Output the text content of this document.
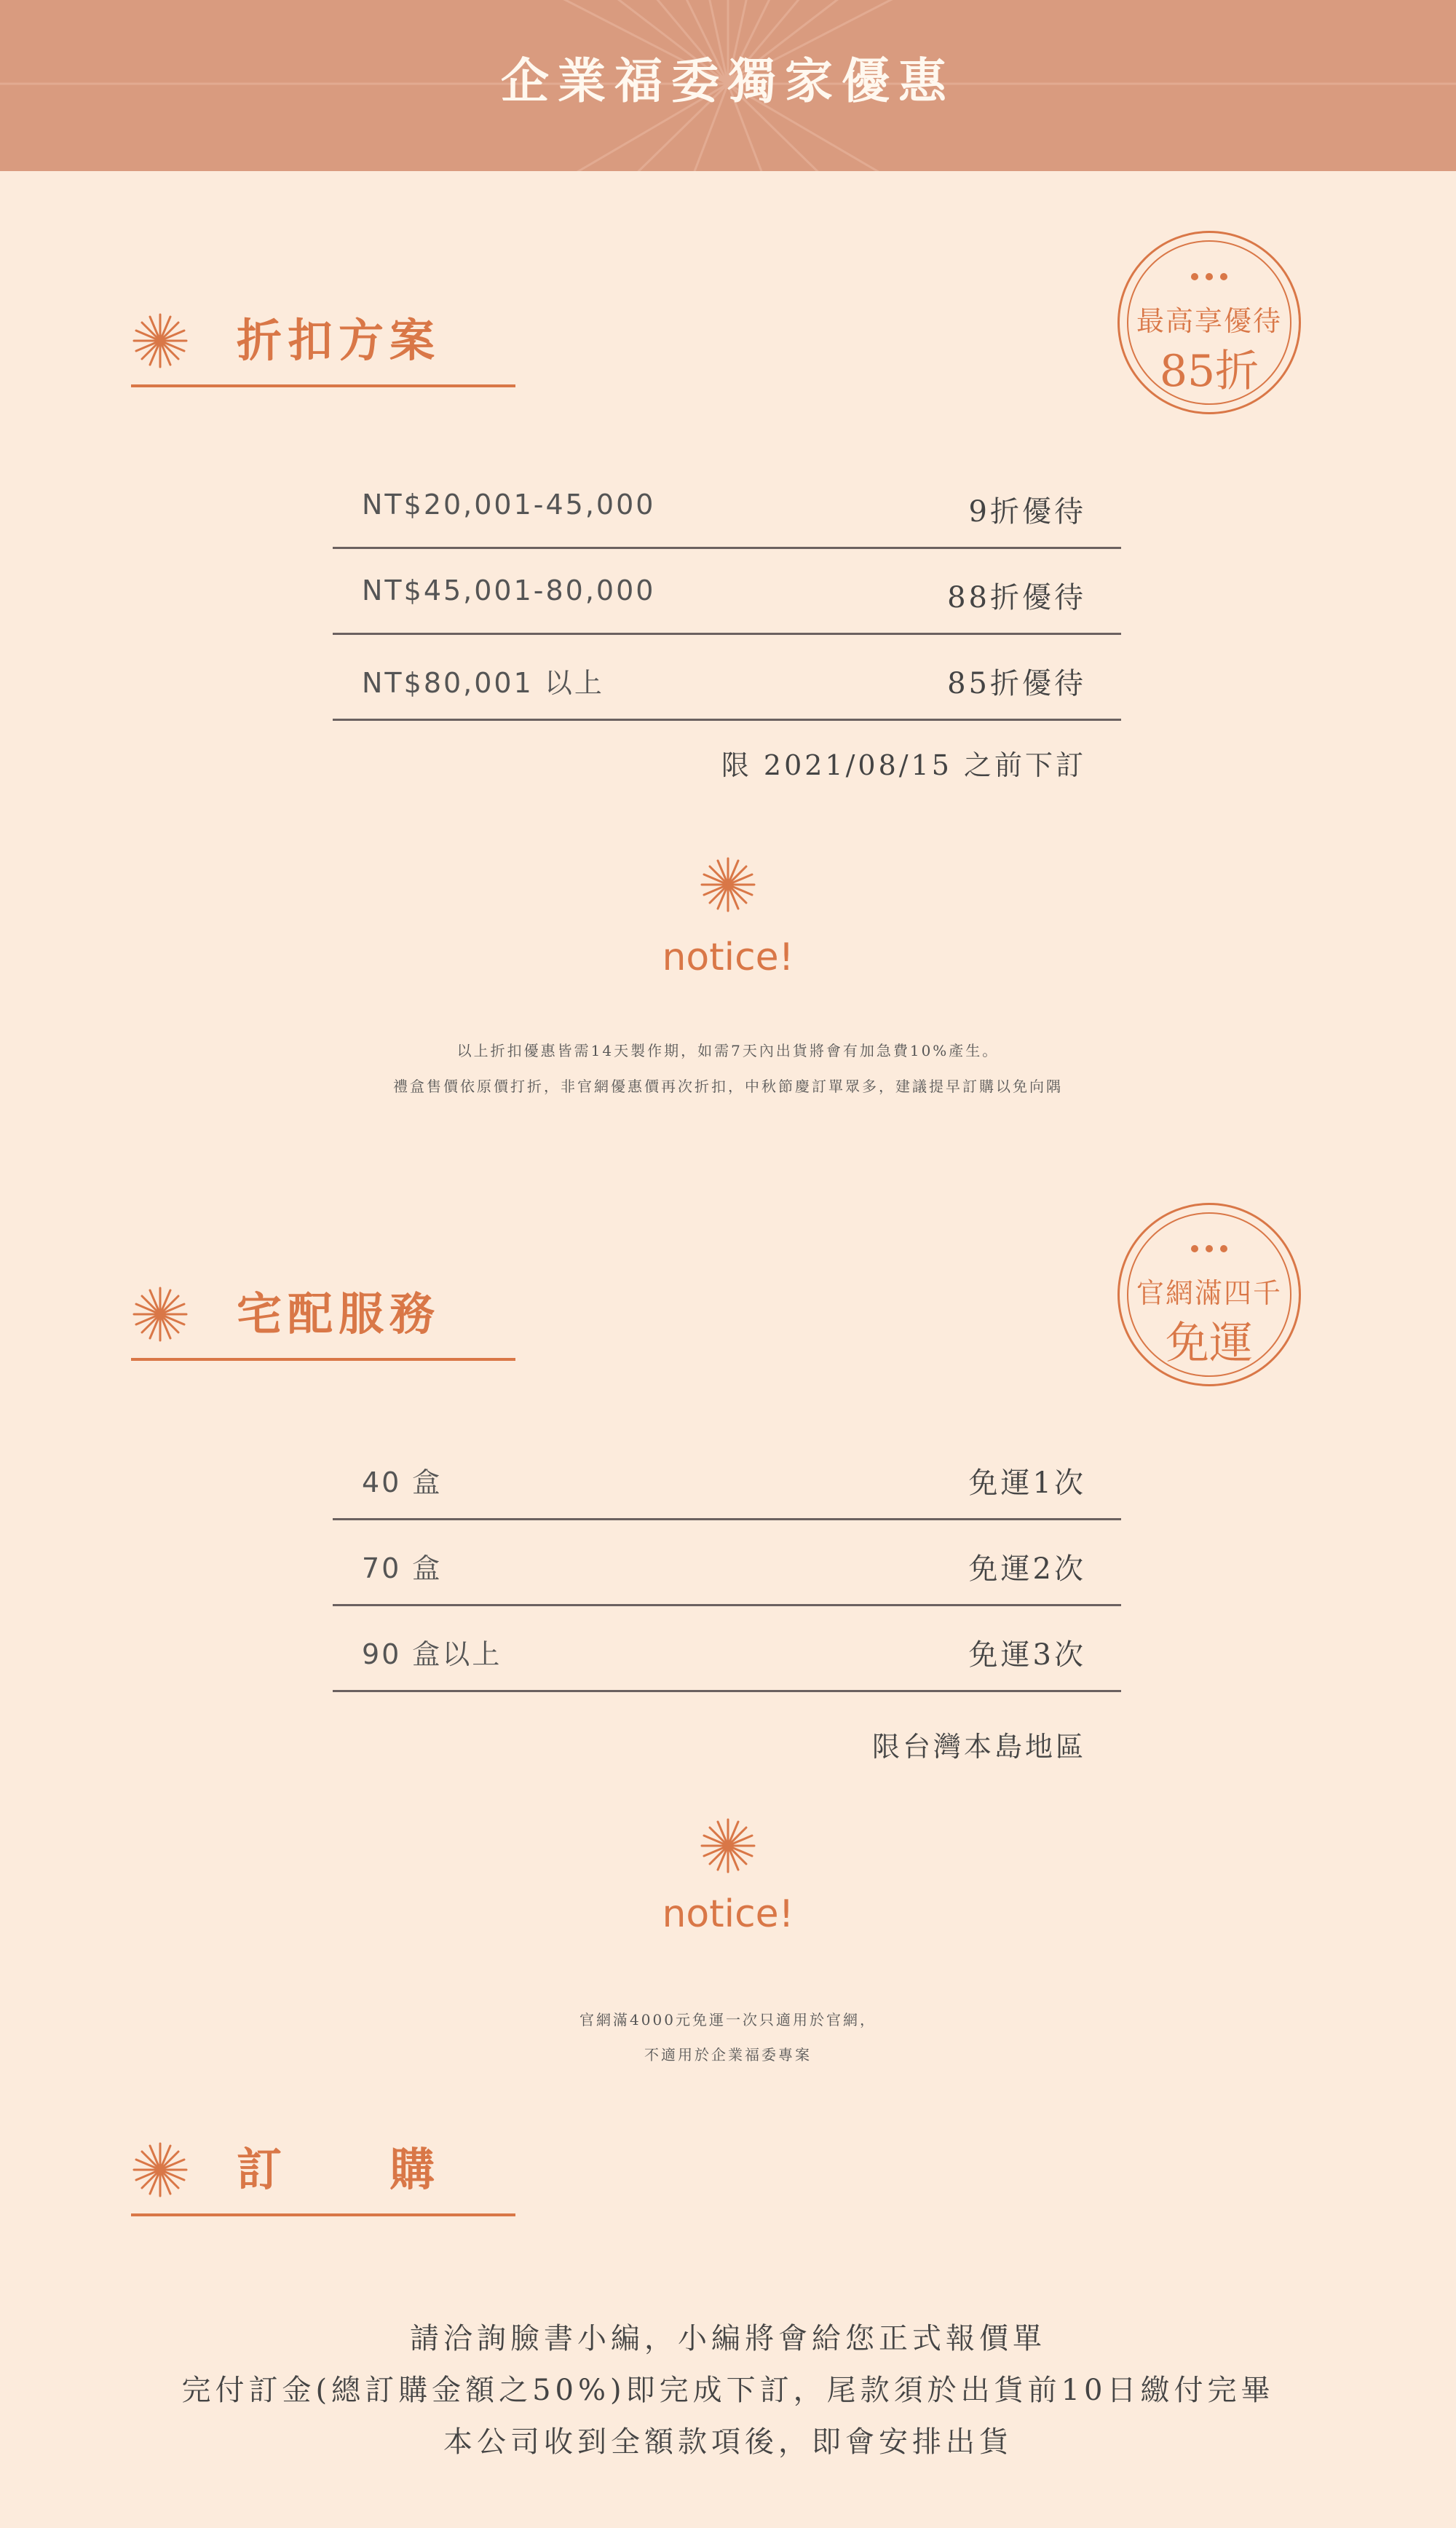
企業福委獨家優惠
折扣方案	最高享優待
85折
NT$20,001-45,000	9折優待
NT$45,001-80,000	88折優待
NT$80,001 以上	85折優待
限 2021/08/15 之前下訂
notice!
以上折扣優惠皆需14天製作期，如需7天內出貨將會有加急費10%產生。
禮盒售價依原價打折，非官網優惠價再次折扣，中秋節慶訂單眾多，建議提早訂購以免向隅
宅配服務	官網滿四千
免運
40 盒	免運1次
70 盒	免運2次
90 盒以上	免運3次
限台灣本島地區
notice!
官網滿4000元免運一次只適用於官網，
不適用於企業福委專案
訂　　購
請洽詢臉書小編，小編將會給您正式報價單
完付訂金(總訂購金額之50%)即完成下訂，尾款須於出貨前10日繳付完畢
本公司收到全額款項後，即會安排出貨
